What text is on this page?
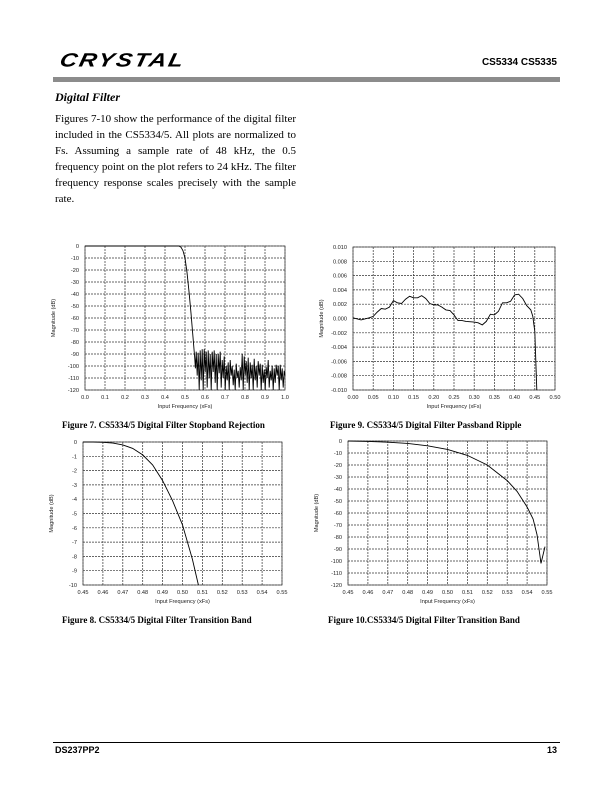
CRYSTAL	CS5334 CS5335
Digital Filter
Figures 7-10 show the performance of the digital filter included in the CS5334/5. All plots are normalized to Fs. Assuming a sample rate of 48 kHz, the 0.5 frequency point on the plot refers to 24 kHz. The filter frequency response scales precisely with the sample rate.
0.0 0.1 0.2 0.3 0.4 0.5 0.6 0.7 0.8 0.9 1.0
0
-10
-20
-30
-40
-50
-60
-70
-80
-90
-100
-110
-120
Input Frequency (xFs)
Magnitude (dB)
0.00 0.05 0.10 0.15 0.20 0.25 0.30 0.35 0.40 0.45 0.50
0.010
0.008
0.006
0.004
0.002
0.000
-0.002
-0.004
-0.006
-0.008
-0.010
Input Frequency (xFs)
Magnitude (dB)
0.45 0.46 0.47 0.48 0.49 0.50 0.51 0.52 0.53 0.54 0.55
0
-1
-2
-3
-4
-5
-6
-7
-8
-9
-10
Input Frequency (xFs)
Magnitude (dB)
0.45 0.46 0.47 0.48 0.49 0.50 0.51 0.52 0.53 0.54 0.55
0
-10
-20
-30
-40
-50
-60
-70
-80
-90
-100
-110
-120
Input Frequency (xFs)
Magnitude (dB)
Figure 7. CS5334/5 Digital Filter Stopband Rejection	Figure 9. CS5334/5 Digital Filter Passband Ripple
Figure 8. CS5334/5 Digital Filter Transition Band	Figure 10.CS5334/5 Digital Filter Transition Band
DS237PP2	13
